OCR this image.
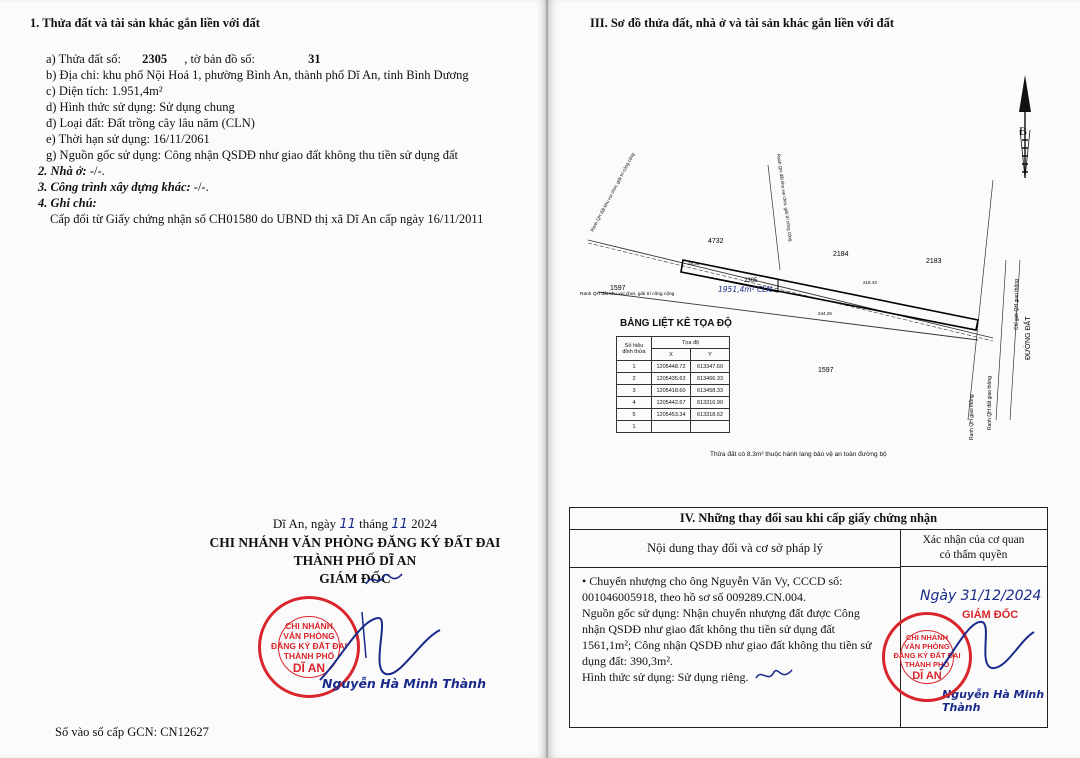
1. Thửa đất và tài sản khác gắn liền với đất
a) Thửa đất số: 2305 , tờ bản đồ số:	31
b) Địa chỉ: khu phố Nội Hoá 1, phường Bình An, thành phố Dĩ An, tỉnh Bình Dương
c) Diện tích: 1.951,4m²
d) Hình thức sử dụng: Sử dụng chung
đ) Loại đất: Đất trồng cây lâu năm (CLN)
e) Thời hạn sử dụng: 16/11/2061
g) Nguồn gốc sử dụng: Công nhận QSDĐ như giao đất không thu tiền sử dụng đất
2. Nhà ở: -/-.
3. Công trình xây dựng khác: -/-.
4. Ghi chú:
Cấp đổi từ Giấy chứng nhận số CH01580 do UBND thị xã Dĩ An cấp ngày 16/11/2011
Dĩ An, ngày 11 tháng 11 2024
CHI NHÁNH VĂN PHÒNG ĐĂNG KÝ ĐẤT ĐAI
THÀNH PHỐ DĨ AN
GIÁM ĐỐC
CHI NHÁNH
VĂN PHÒNG
ĐĂNG KÝ ĐẤT ĐAI
THÀNH PHỐ
DĨ AN
Nguyễn Hà Minh Thành
Số vào sổ cấp GCN: CN12627
III. Sơ đồ thửa đất, nhà ở và tài sản khác gắn liền với đất
4732
2184
2183
1597
1597
2305
1951,4m² CLN
28.31
218.43
244.29
Ranh QH đất khu vui chơi, giải trí công cộng
Ranh QH đất khu vui chơi, giải trí công cộng
Ranh QH đất khu vui chơi, giải trí công cộng
Chỉ giới QH giao thông
Ranh QH đất giao thông
Ranh QH giao thông
ĐƯỜNG ĐẤT
B
BẢNG LIỆT KÊ TỌA ĐỘ
Số hiệu đỉnh thửa	Tọa độ	
	X	Y
1	1205448.72	613347.60
2	1205435.63	613466.33
3	1205418.60	613458.33
4	1205442.67	613316.90
5	1205453.34	613318.62
1		
Thửa đất có 8.3m² thuộc hành lang bảo vệ an toàn đường bộ
IV. Những thay đổi sau khi cấp giấy chứng nhận
Nội dung thay đổi và cơ sở pháp lý
Xác nhận của cơ quan
có thẩm quyền
• Chuyển nhượng cho ông Nguyễn Văn Vy, CCCD số:
001046005918, theo hồ sơ số 009289.CN.004.
Nguồn gốc sử dụng: Nhận chuyển nhượng đất được Công
nhận QSDĐ như giao đất không thu tiền sử dụng đất
1561,1m²; Công nhận QSDĐ như giao đất không thu tiền sử
dụng đất: 390,3m².
Hình thức sử dụng: Sử dụng riêng.
Ngày 31/12/2024
GIÁM ĐỐC
Nguyễn Hà Minh Thành
CHI NHÁNH
VĂN PHÒNG
ĐĂNG KÝ ĐẤT ĐAI
THÀNH PHỐ
DĨ AN
